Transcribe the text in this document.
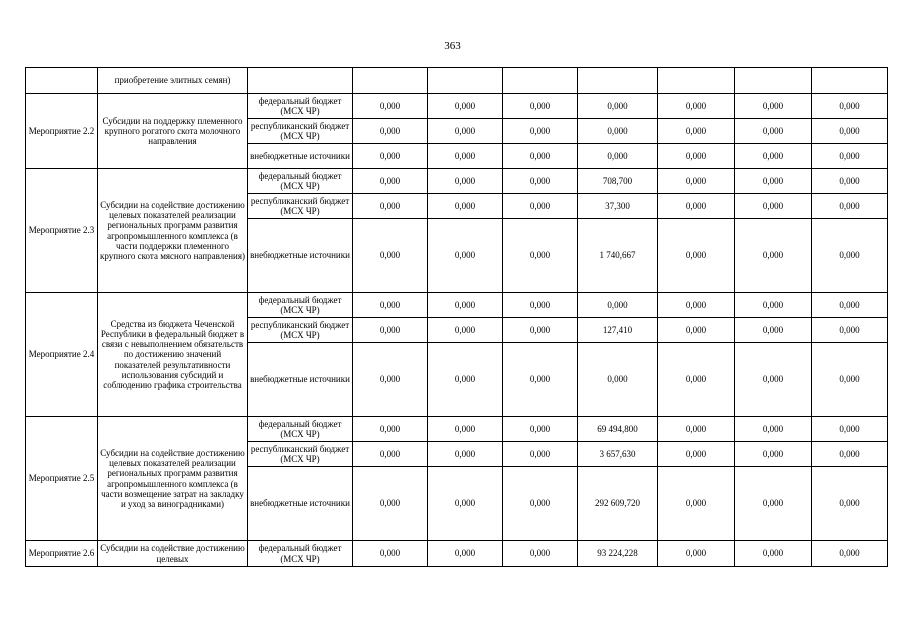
363
	приобретение элитных семян)								
Мероприятие 2.2	Субсидии на поддержку племенного крупного рогатого скота молочного направления	федеральный бюджет (МСХ ЧР)	0,000	0,000	0,000	0,000	0,000	0,000	0,000
		республиканский бюджет (МСХ ЧР)	0,000	0,000	0,000	0,000	0,000	0,000	0,000
		внебюджетные источники	0,000	0,000	0,000	0,000	0,000	0,000	0,000
Мероприятие 2.3	Субсидии на содействие достижению целевых показателей реализации региональных программ развития агропромышленного комплекса (в части поддержки племенного крупного скота мясного направления)	федеральный бюджет (МСХ ЧР)	0,000	0,000	0,000	708,700	0,000	0,000	0,000
		республиканский бюджет (МСХ ЧР)	0,000	0,000	0,000	37,300	0,000	0,000	0,000
		внебюджетные источники	0,000	0,000	0,000	1 740,667	0,000	0,000	0,000
Мероприятие 2.4	Средства из бюджета Чеченской Республики в федеральный бюджет в связи с невыполнением обязательств по достижению значений показателей результативности использования субсидий и соблюдению графика строительства	федеральный бюджет (МСХ ЧР)	0,000	0,000	0,000	0,000	0,000	0,000	0,000
		республиканский бюджет (МСХ ЧР)	0,000	0,000	0,000	127,410	0,000	0,000	0,000
		внебюджетные источники	0,000	0,000	0,000	0,000	0,000	0,000	0,000
Мероприятие 2.5	Субсидии на содействие достижению целевых показателей реализации региональных программ развития агропромышленного комплекса (в части возмещение затрат на закладку и уход за виноградниками)	федеральный бюджет (МСХ ЧР)	0,000	0,000	0,000	69 494,800	0,000	0,000	0,000
		республиканский бюджет (МСХ ЧР)	0,000	0,000	0,000	3 657,630	0,000	0,000	0,000
		внебюджетные источники	0,000	0,000	0,000	292 609,720	0,000	0,000	0,000
Мероприятие 2.6	Субсидии на содействие достижению целевых	федеральный бюджет (МСХ ЧР)	0,000	0,000	0,000	93 224,228	0,000	0,000	0,000
